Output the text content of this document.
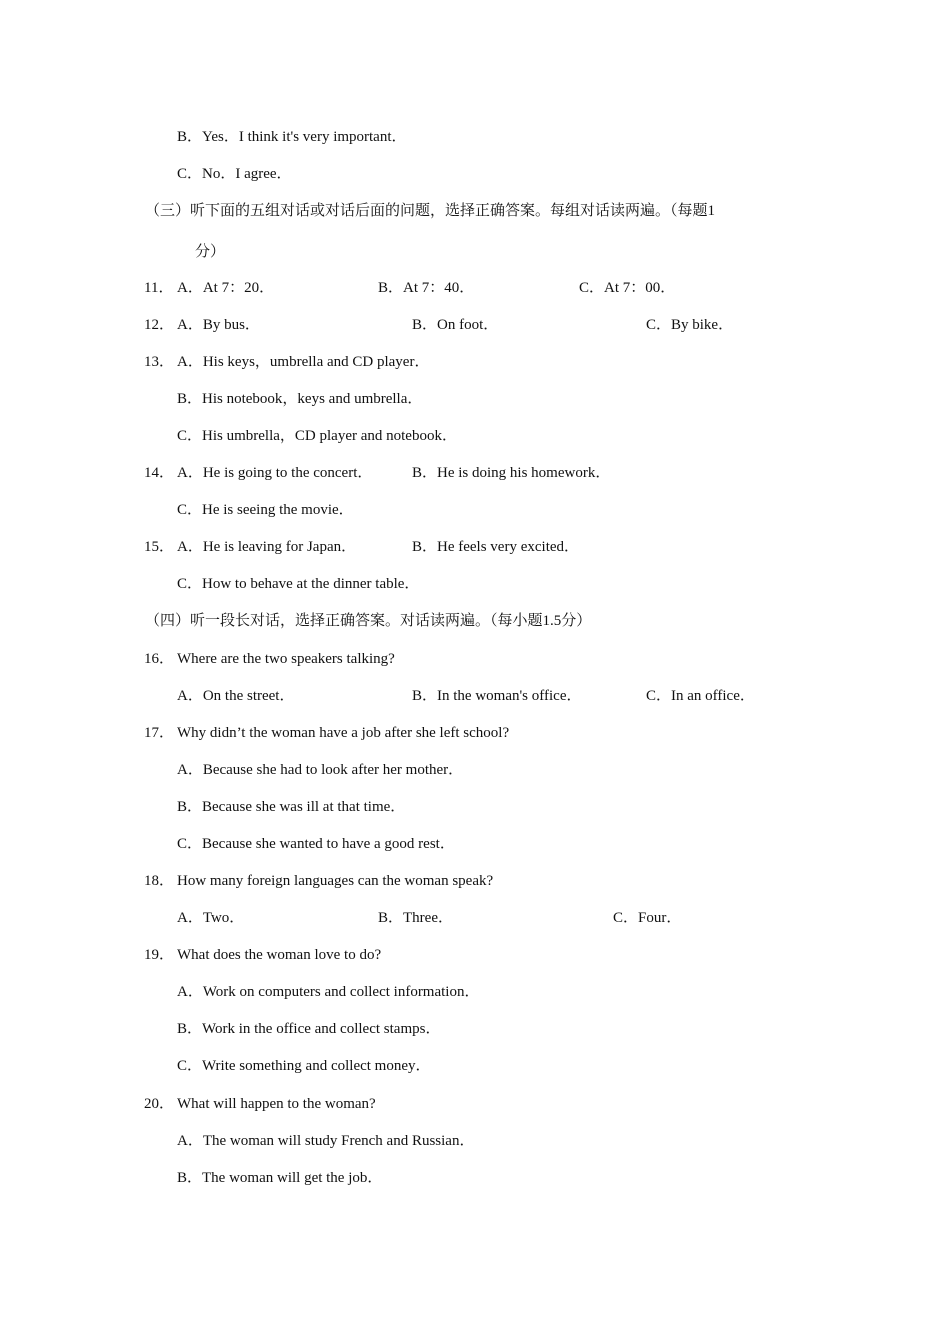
B．Yes．I think it's very important．
C．No．I agree．
（三）听下面的五组对话或对话后面的问题，选择正确答案。每组对话读两遍。（每题1
分）
11． A．At 7：20．	B．At 7：40．	C．At 7：00．
12． A．By bus．	B．On foot．	C．By bike．
13． A．His keys，umbrella and CD player．
B．His notebook，keys and umbrella．
C．His umbrella，CD player and notebook．
14． A．He is going to the concert．	B．He is doing his homework．
C．He is seeing the movie．
15． A．He is leaving for Japan．	B．He feels very excited．
C．How to behave at the dinner table．
（四）听一段长对话，选择正确答案。对话读两遍。（每小题1.5分）
16． Where are the two speakers talking?
A．On the street．	B．In the woman's office．	C．In an office．
17． Why didn’t the woman have a job after she left school?
A．Because she had to look after her mother．
B．Because she was ill at that time．
C．Because she wanted to have a good rest．
18． How many foreign languages can the woman speak?
A．Two．	B．Three．	C．Four．
19． What does the woman love to do?
A．Work on computers and collect information．
B．Work in the office and collect stamps．
C．Write something and collect money．
20． What will happen to the woman?
A．The woman will study French and Russian．
B．The woman will get the job．
